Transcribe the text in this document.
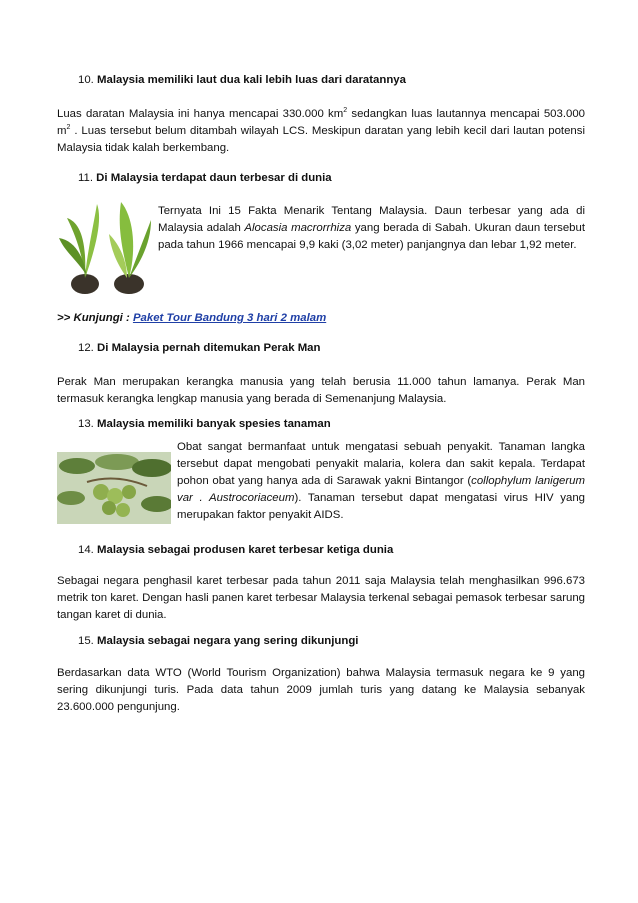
10. Malaysia memiliki laut dua kali lebih luas dari daratannya
Luas daratan Malaysia ini hanya mencapai 330.000 $km^2$ sedangkan luas lautannya mencapai 503.000 $m^2$ . Luas tersebut belum ditambah wilayah LCS. Meskipun daratan yang lebih kecil dari lautan potensi Malaysia tidak kalah berkembang.
11. Di Malaysia terdapat daun terbesar di dunia
Ternyata Ini 15 Fakta Menarik Tentang Malaysia. Daun terbesar yang ada di Malaysia adalah Alocasia macrorrhiza yang berada di Sabah. Ukuran daun tersebut pada tahun 1966 mencapai 9,9 kaki (3,02 meter) panjangnya dan lebar 1,92 meter.
>> Kunjungi : Paket Tour Bandung 3 hari 2 malam
12. Di Malaysia pernah ditemukan Perak Man
Perak Man merupakan kerangka manusia yang telah berusia 11.000 tahun lamanya. Perak Man termasuk kerangka lengkap manusia yang berada di Semenanjung Malaysia.
13. Malaysia memiliki banyak spesies tanaman
Obat sangat bermanfaat untuk mengatasi sebuah penyakit. Tanaman langka tersebut dapat mengobati penyakit malaria, kolera dan sakit kepala. Terdapat pohon obat yang hanya ada di Sarawak yakni Bintangor (collophylum lanigerum var . Austrocoriaceum). Tanaman tersebut dapat mengatasi virus HIV yang merupakan faktor penyakit AIDS.
14. Malaysia sebagai produsen karet terbesar ketiga dunia
Sebagai negara penghasil karet terbesar pada tahun 2011 saja Malaysia telah menghasilkan 996.673 metrik ton karet. Dengan hasli panen karet terbesar Malaysia terkenal sebagai pemasok terbesar sarung tangan karet di dunia.
15. Malaysia sebagai negara yang sering dikunjungi
Berdasarkan data WTO (World Tourism Organization) bahwa Malaysia termasuk negara ke 9 yang sering dikunjungi turis. Pada data tahun 2009 jumlah turis yang datang ke Malaysia sebanyak 23.600.000 pengunjung.
